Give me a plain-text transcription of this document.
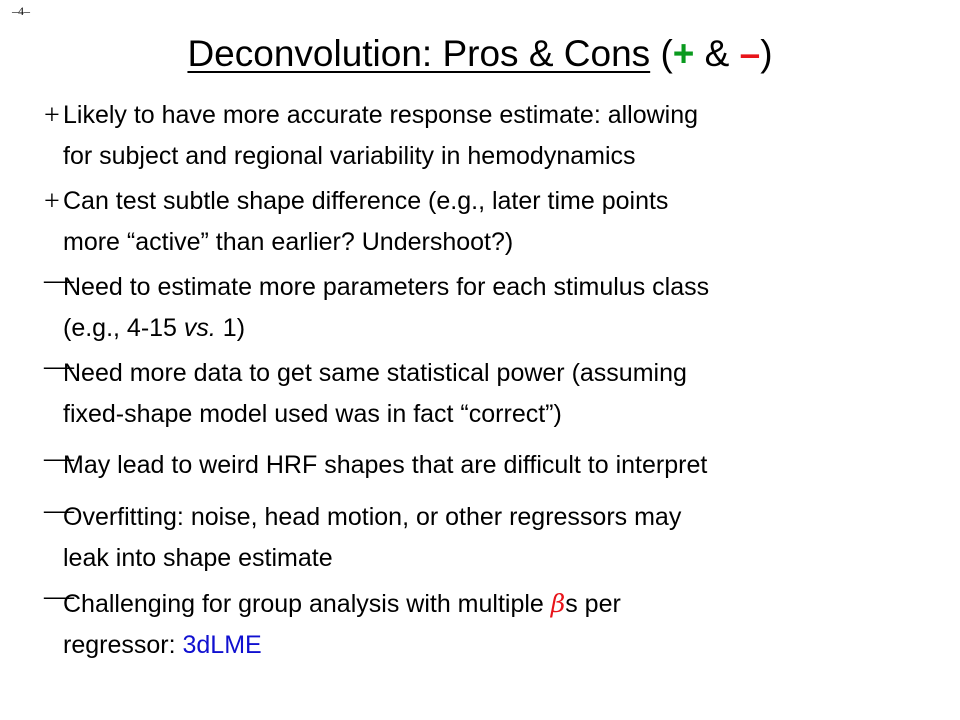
–4–
Deconvolution: Pros & Cons (+ & –)
+ Likely to have more accurate response estimate: allowing
for subject and regional variability in hemodynamics
+ Can test subtle shape difference (e.g., later time points
more “active” than earlier? Undershoot?)
—
Need to estimate more parameters for each stimulus class
(e.g., 4-15 vs. 1)
—
Need more data to get same statistical power (assuming
fixed-shape model used was in fact “correct”)
—
May lead to weird HRF shapes that are difficult to interpret
—
Overfitting: noise, head motion, or other regressors may
leak into shape estimate
—
Challenging for group analysis with multiple βs per
regressor: 3dLME
